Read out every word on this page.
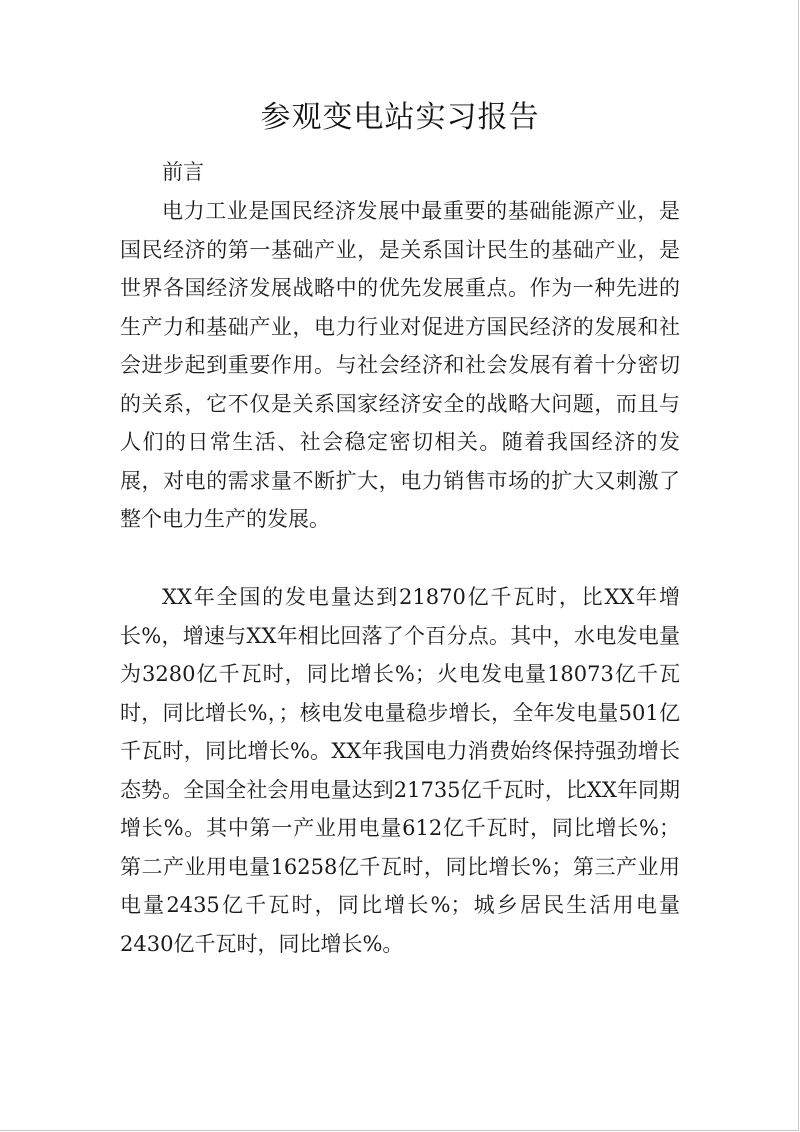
参观变电站实习报告

前言

电力工业是国民经济发展中最重要的基础能源产业，是国民经济的第一基础产业，是关系国计民生的基础产业，是世界各国经济发展战略中的优先发展重点。作为一种先进的生产力和基础产业，电力行业对促进方国民经济的发展和社会进步起到重要作用。与社会经济和社会发展有着十分密切的关系，它不仅是关系国家经济安全的战略大问题，而且与人们的日常生活、社会稳定密切相关。随着我国经济的发展，对电的需求量不断扩大，电力销售市场的扩大又刺激了整个电力生产的发展。

XX年全国的发电量达到21870亿千瓦时，比XX年增长%，增速与XX年相比回落了个百分点。其中，水电发电量为3280亿千瓦时，同比增长%；火电发电量18073亿千瓦时，同比增长%，；核电发电量稳步增长，全年发电量501亿千瓦时，同比增长%。XX年我国电力消费始终保持强劲增长态势。全国全社会用电量达到21735亿千瓦时，比XX年同期增长%。其中第一产业用电量612亿千瓦时，同比增长%；第二产业用电量16258亿千瓦时，同比增长%；第三产业用电量2435亿千瓦时，同比增长%；城乡居民生活用电量2430亿千瓦时，同比增长%。
